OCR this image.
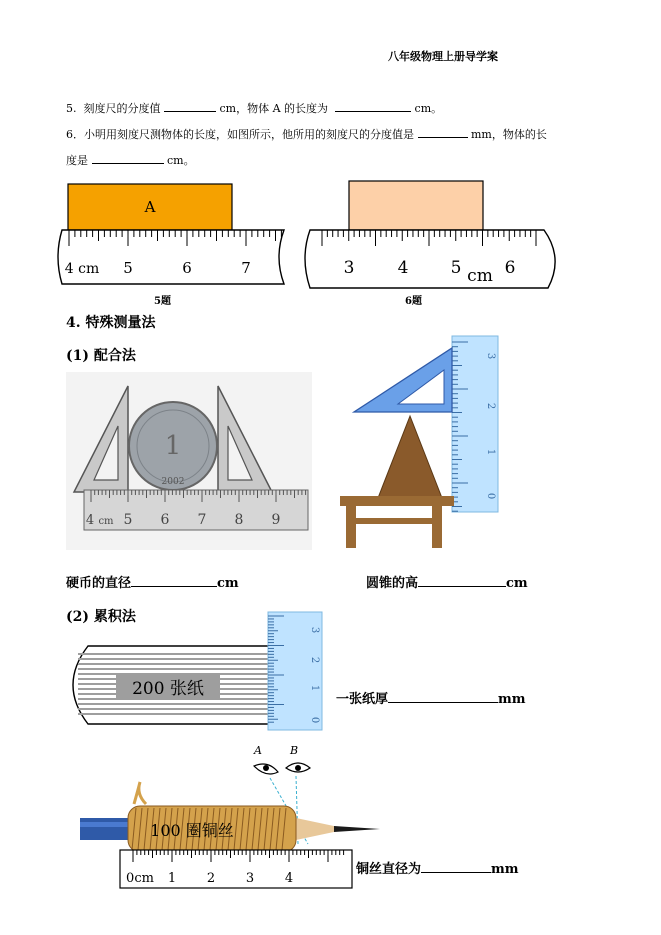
八年级物理上册导学案
5. 刻度尺的分度值	cm，物体 A 的长度为	cm。
6．小明用刻度尺测物体的长度，如图所示，他所用的刻度尺的分度值是	mm，物体的长
度是	cm。
A
4 cm 5	6	7
5题
3	4 5	6
cm
6题
4. 特殊测量法
(1) 配合法
1
2002
4 cm 5 6 7 8 9
3
2
1
0
硬币的直径	cm	圆锥的高	cm
(2) 累积法
200 张纸
3
2
1
0
一张纸厚	mm
A	B
100 圈铜丝
0cm 1 2 3 4
铜丝直径为	mm
